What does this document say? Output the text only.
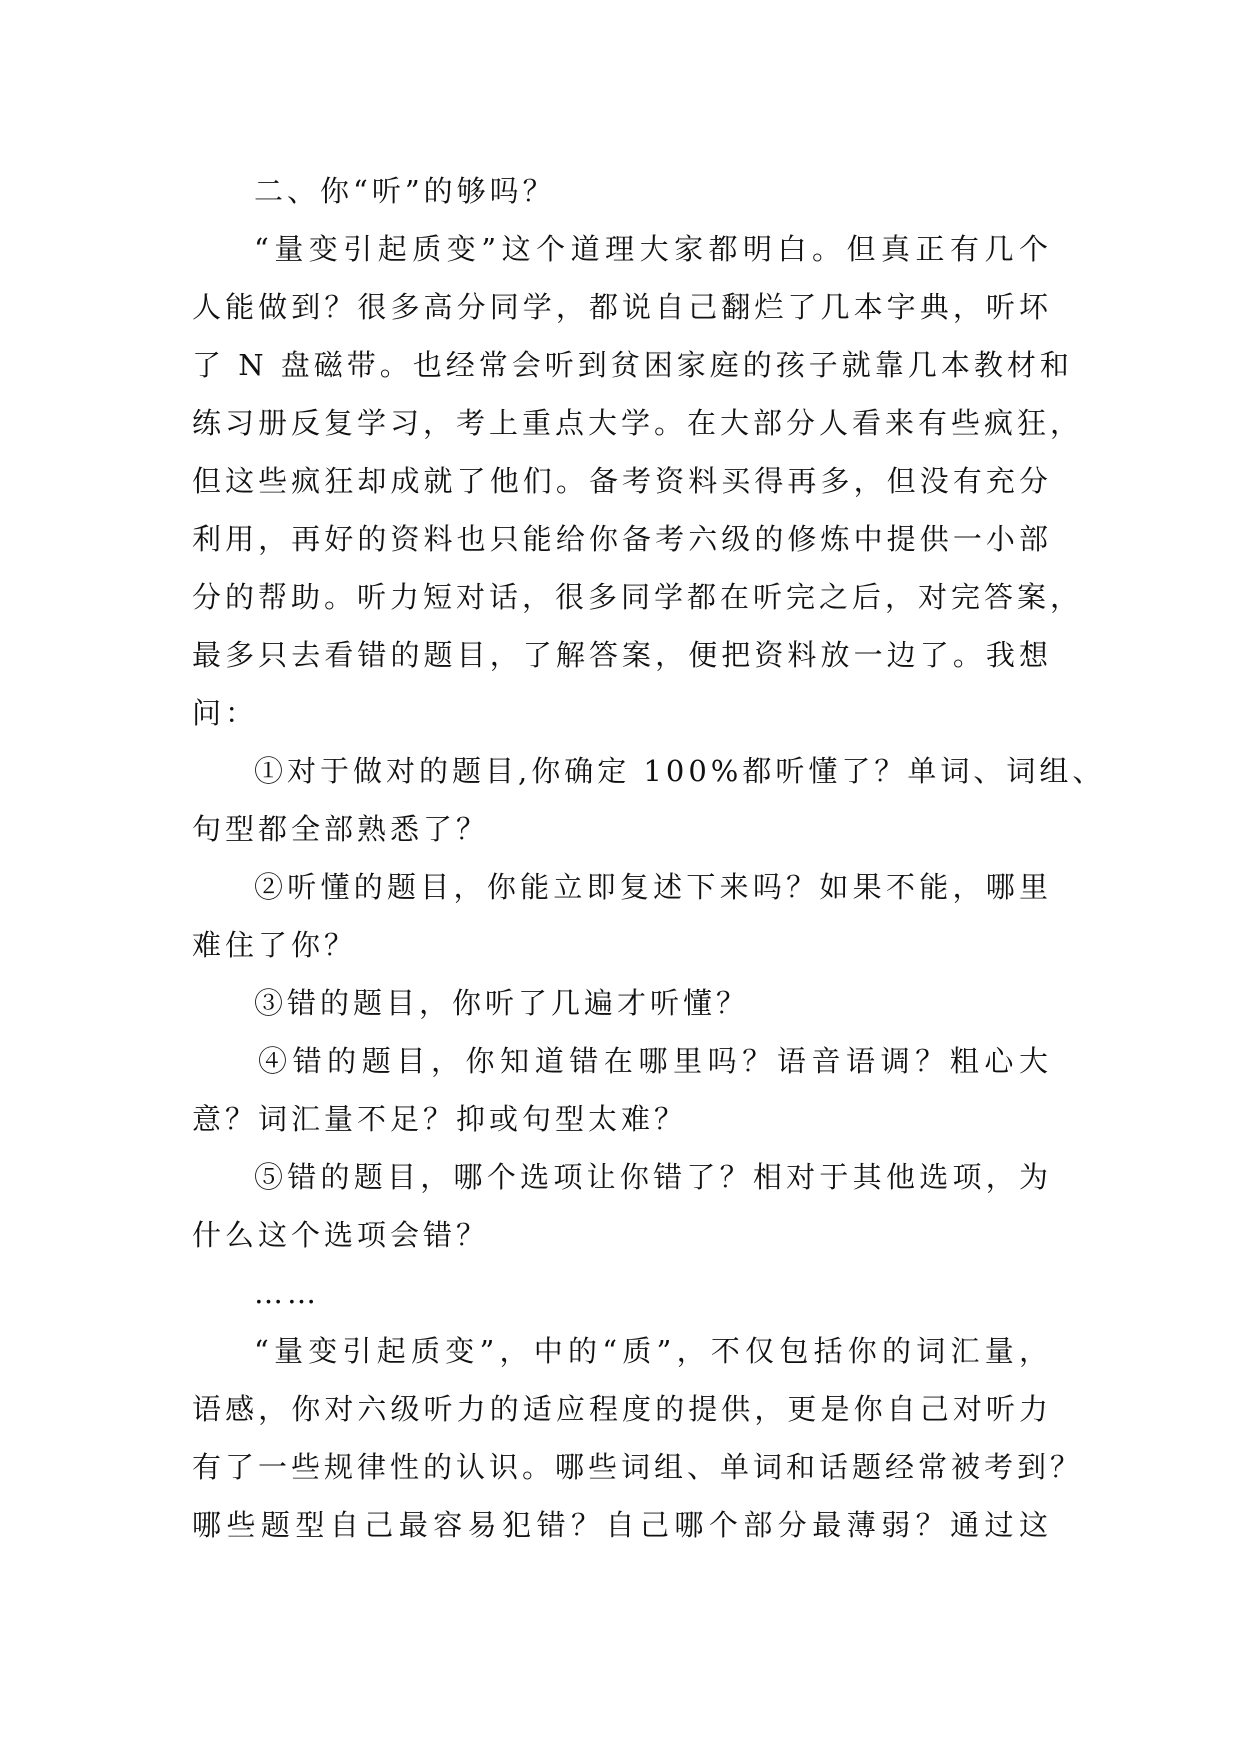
二、你“听”的够吗？
“量变引起质变”这个道理大家都明白。但真正有几个
人能做到？很多高分同学，都说自己翻烂了几本字典，听坏
了 N 盘磁带。也经常会听到贫困家庭的孩子就靠几本教材和
练习册反复学习，考上重点大学。在大部分人看来有些疯狂，
但这些疯狂却成就了他们。备考资料买得再多，但没有充分
利用，再好的资料也只能给你备考六级的修炼中提供一小部
分的帮助。听力短对话，很多同学都在听完之后，对完答案，
最多只去看错的题目，了解答案，便把资料放一边了。我想
问：
①对于做对的题目,你确定 100%都听懂了？单词、词组、
句型都全部熟悉了？
②听懂的题目，你能立即复述下来吗？如果不能，哪里
难住了你？
③错的题目，你听了几遍才听懂？
④错的题目，你知道错在哪里吗？语音语调？粗心大
意？词汇量不足？抑或句型太难？
⑤错的题目，哪个选项让你错了？相对于其他选项，为
什么这个选项会错？
……
“量变引起质变”，中的“质”，不仅包括你的词汇量，
语感，你对六级听力的适应程度的提供，更是你自己对听力
有了一些规律性的认识。哪些词组、单词和话题经常被考到？
哪些题型自己最容易犯错？自己哪个部分最薄弱？通过这
